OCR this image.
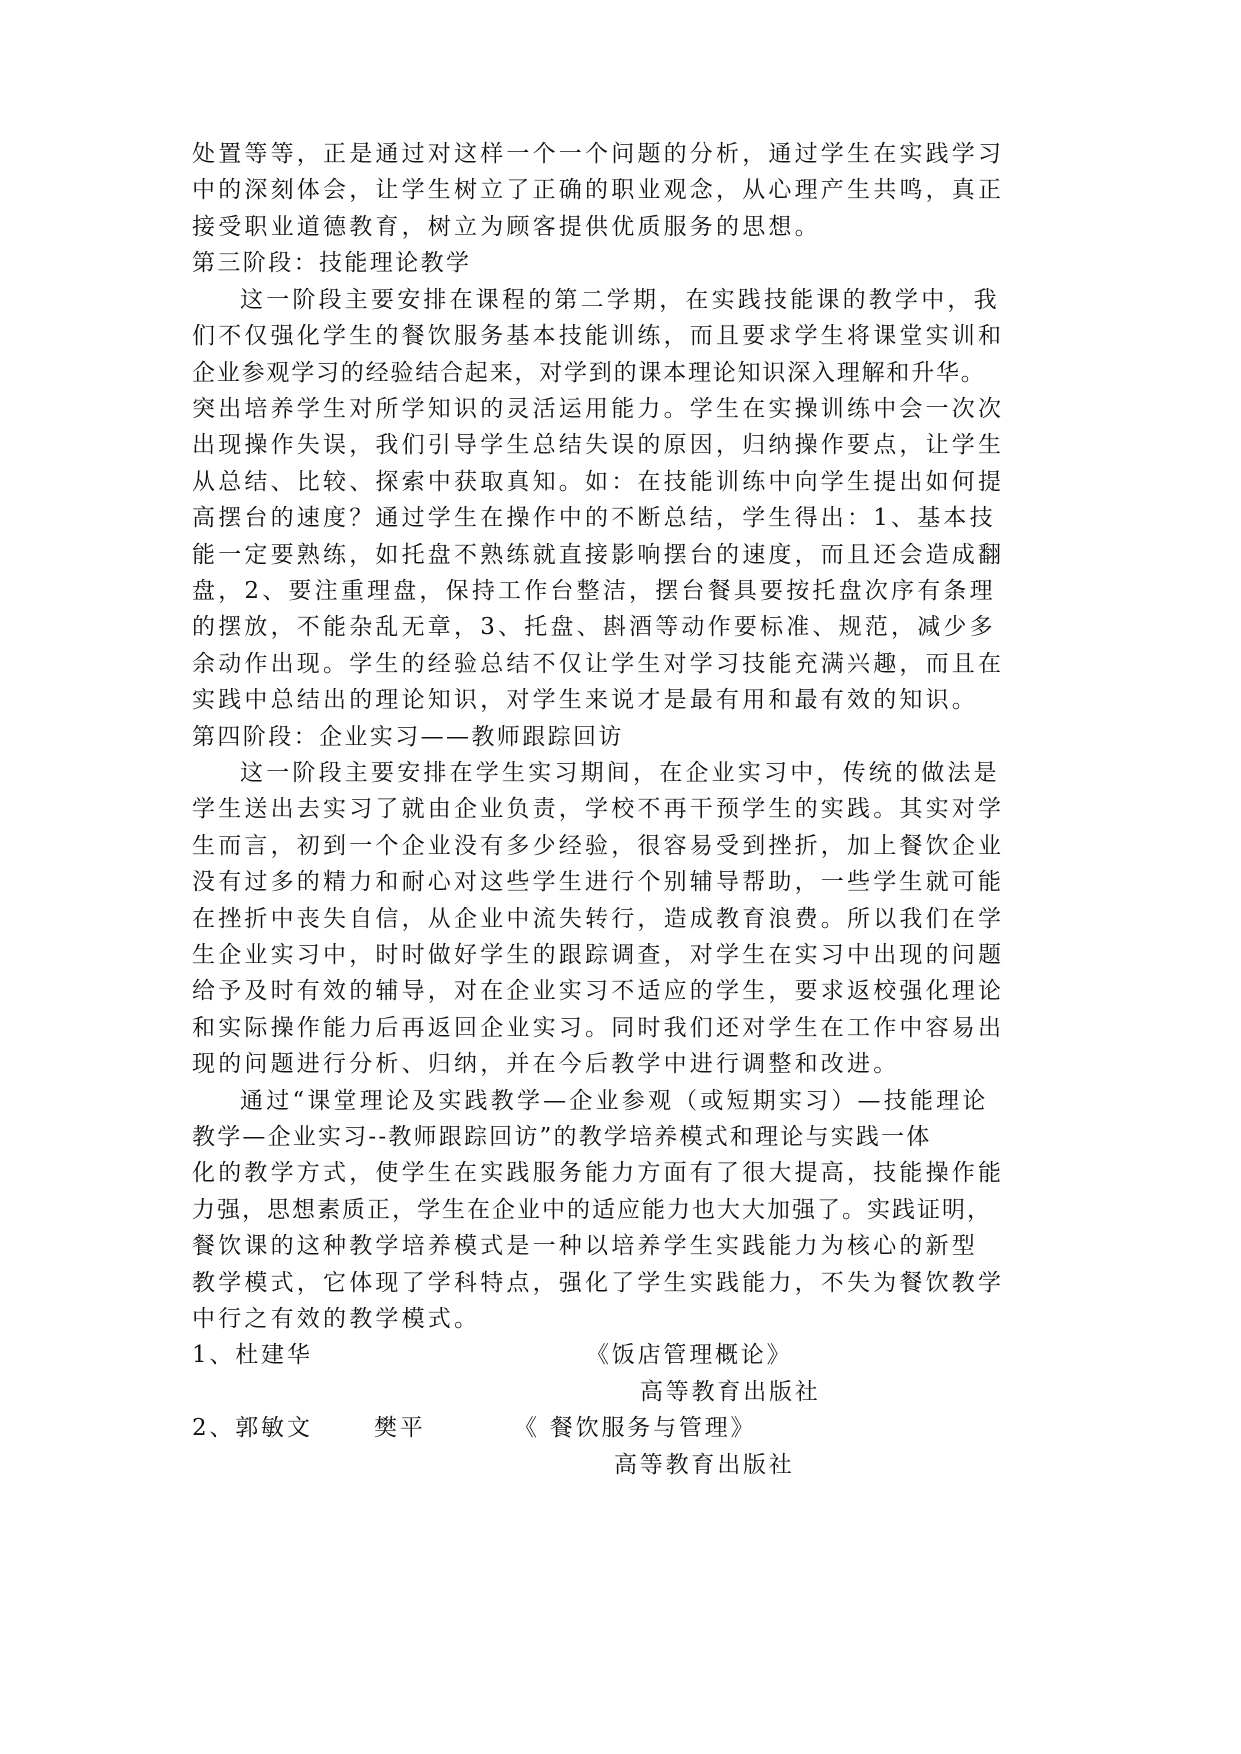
处置等等，正是通过对这样一个一个问题的分析，通过学生在实践学习

中的深刻体会，让学生树立了正确的职业观念，从心理产生共鸣，真正

接受职业道德教育，树立为顾客提供优质服务的思想。

第三阶段：技能理论教学

这一阶段主要安排在课程的第二学期，在实践技能课的教学中，我

们不仅强化学生的餐饮服务基本技能训练，而且要求学生将课堂实训和

企业参观学习的经验结合起来，对学到的课本理论知识深入理解和升华。

突出培养学生对所学知识的灵活运用能力。学生在实操训练中会一次次

出现操作失误，我们引导学生总结失误的原因，归纳操作要点，让学生

从总结、比较、探索中获取真知。如：在技能训练中向学生提出如何提

高摆台的速度？通过学生在操作中的不断总结，学生得出：1、基本技

能一定要熟练，如托盘不熟练就直接影响摆台的速度，而且还会造成翻

盘，2、要注重理盘，保持工作台整洁，摆台餐具要按托盘次序有条理

的摆放，不能杂乱无章，3、托盘、斟酒等动作要标准、规范，减少多

余动作出现。学生的经验总结不仅让学生对学习技能充满兴趣，而且在

实践中总结出的理论知识，对学生来说才是最有用和最有效的知识。

第四阶段：企业实习——教师跟踪回访

这一阶段主要安排在学生实习期间，在企业实习中，传统的做法是

学生送出去实习了就由企业负责，学校不再干预学生的实践。其实对学

生而言，初到一个企业没有多少经验，很容易受到挫折，加上餐饮企业

没有过多的精力和耐心对这些学生进行个别辅导帮助，一些学生就可能

在挫折中丧失自信，从企业中流失转行，造成教育浪费。所以我们在学

生企业实习中，时时做好学生的跟踪调查，对学生在实习中出现的问题

给予及时有效的辅导，对在企业实习不适应的学生，要求返校强化理论

和实际操作能力后再返回企业实习。同时我们还对学生在工作中容易出

现的问题进行分析、归纳，并在今后教学中进行调整和改进。

通过“课堂理论及实践教学—企业参观（或短期实习）—技能理论

教学—企业实习--教师跟踪回访”的教学培养模式和理论与实践一体

化的教学方式，使学生在实践服务能力方面有了很大提高，技能操作能

力强，思想素质正，学生在企业中的适应能力也大大加强了。实践证明，

餐饮课的这种教学培养模式是一种以培养学生实践能力为核心的新型

教学模式，它体现了学科特点，强化了学生实践能力，不失为餐饮教学

中行之有效的教学模式。

1、杜建华	《饭店管理概论》

高等教育出版社

2、郭敏文	樊平	《 餐饮服务与管理》

高等教育出版社
